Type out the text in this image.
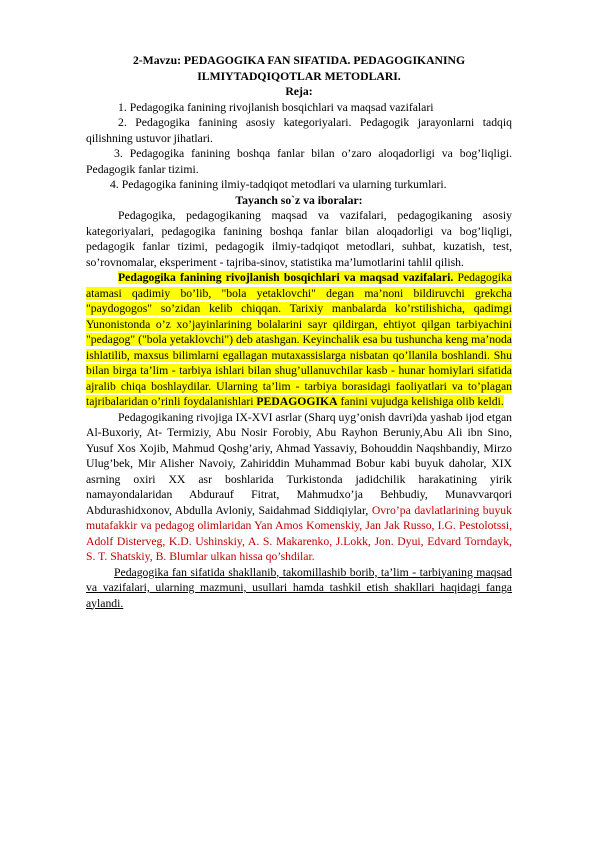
2-Mavzu: PEDAGOGIKA FAN SIFATIDA. PEDAGOGIKANING ILMIYTADQIQOTLAR METODLARI.

Reja:

1. Pedagogika fanining rivojlanish bosqichlari va maqsad vazifalari

2. Pedagogika fanining asosiy kategoriyalari. Pedagogik jarayonlarni tadqiq qilishning ustuvor jihatlari.

3. Pedagogika fanining boshqa fanlar bilan o’zaro aloqadorligi va bog’liqligi. Pedagogik fanlar tizimi.

4. Pedagogika fanining ilmiy-tadqiqot metodlari va ularning turkumlari.

Tayanch so`z va iboralar:

Pedagogika, pedagogikaning maqsad va vazifalari, pedagogikaning asosiy kategoriyalari, pedagogika fanining boshqa fanlar bilan aloqadorligi va bog’liqligi, pedagogik fanlar tizimi, pedagogik ilmiy-tadqiqot metodlari, suhbat, kuzatish, test, so’rovnomalar, eksperiment - tajriba-sinov, statistika ma’lumotlarini tahlil qilish.

Pedagogika fanining rivojlanish bosqichlari va maqsad vazifalari. Pedagogika atamasi qadimiy bo’lib, "bola yetaklovchi" degan ma’noni bildiruvchi grekcha "paydogogos" so’zidan kelib chiqqan. Tarixiy manbalarda ko’rstilishicha, qadimgi Yunonistonda o’z xo’jayinlarining bolalarini sayr qildirgan, ehtiyot qilgan tarbiyachini "pedagog" ("bola yetaklovchi") deb atashgan. Keyinchalik esa bu tushuncha keng ma’noda ishlatilib, maxsus bilimlarni egallagan mutaxassislarga nisbatan qo’llanila boshlandi. Shu bilan birga ta’lim - tarbiya ishlari bilan shug’ullanuvchilar kasb - hunar homiylari sifatida ajralib chiqa boshlaydilar. Ularning ta’lim - tarbiya borasidagi faoliyatlari va to’plagan tajribalaridan o’rinli foydalanishlari PEDAGOGIKA fanini vujudga kelishiga olib keldi.

Pedagogikaning rivojiga IX-XVI asrlar (Sharq uyg’onish davri)da yashab ijod etgan Al-Buxoriy, At- Termiziy, Abu Nosir Forobiy, Abu Rayhon Beruniy,Abu Ali ibn Sino, Yusuf Xos Xojib, Mahmud Qoshg’ariy, Ahmad Yassaviy, Bohouddin Naqshbandiy, Mirzo Ulug’bek, Mir Alisher Navoiy, Zahiriddin Muhammad Bobur kabi buyuk daholar, XIX asrning oxiri XX asr boshlarida Turkistonda jadidchilik harakatining yirik namayondalaridan Abdurauf Fitrat, Mahmudxo’ja Behbudiy, Munavvarqori Abdurashidxonov, Abdulla Avloniy, Saidahmad Siddiqiylar, Ovro’pa davlatlarining buyuk mutafakkir va pedagog olimlaridan Yan Amos Komenskiy, Jan Jak Russo, I.G. Pestolotssi, Adolf Disterveg, K.D. Ushinskiy, A. S. Makarenko, J.Lokk, Jon. Dyui, Edvard Torndayk, S. T. Shatskiy, B. Blumlar ulkan hissa qo’shdilar.

Pedagogika fan sifatida shakllanib, takomillashib borib, ta’lim - tarbiyaning maqsad va vazifalari, ularning mazmuni, usullari hamda tashkil etish shakllari haqidagi fanga aylandi.
